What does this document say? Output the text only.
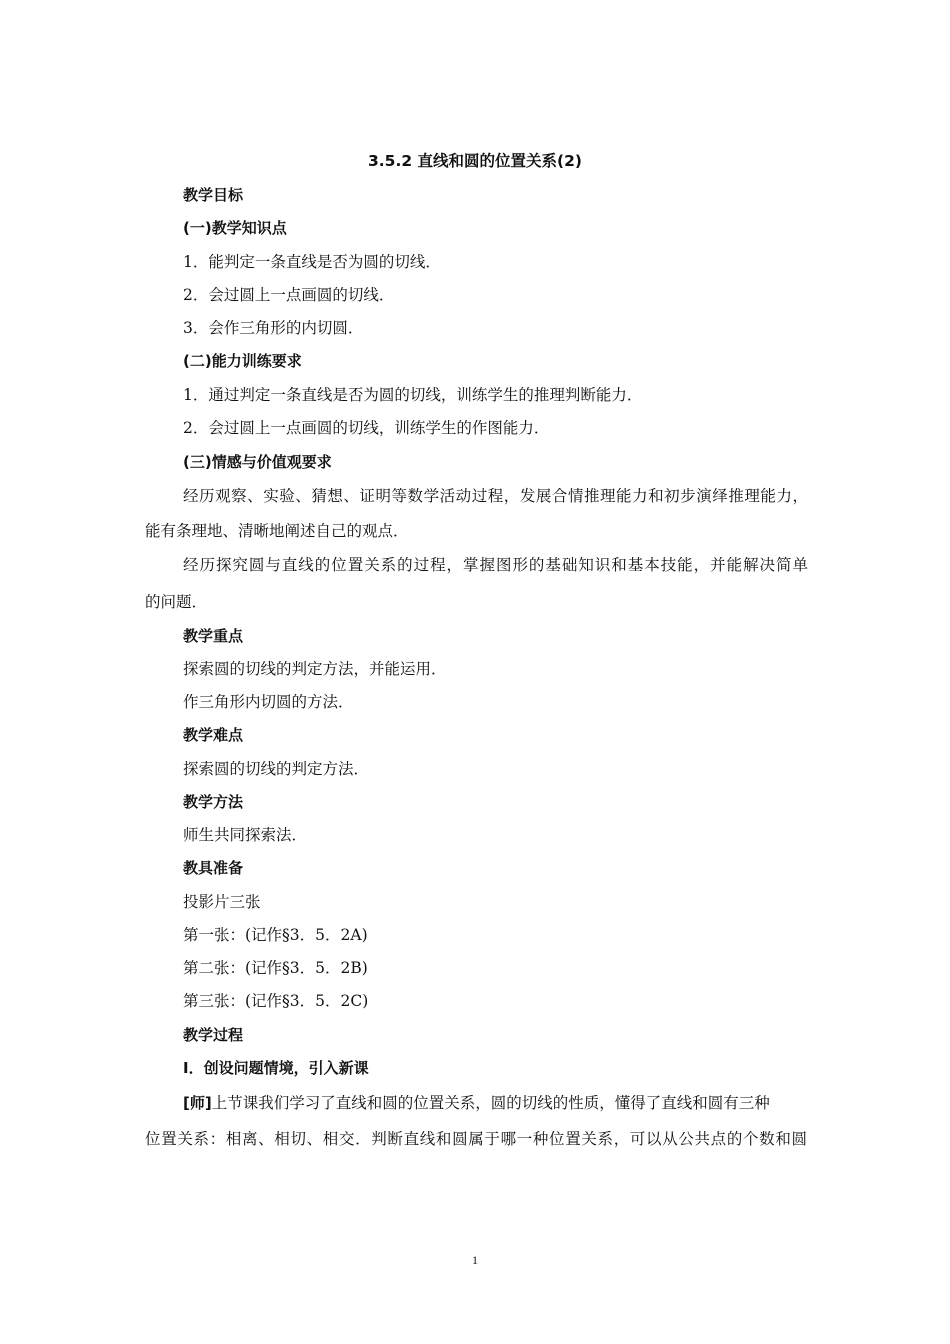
3.5.2 直线和圆的位置关系(2)
教学目标
(一)教学知识点
1．能判定一条直线是否为圆的切线．
2．会过圆上一点画圆的切线．
3．会作三角形的内切圆．
(二)能力训练要求
1．通过判定一条直线是否为圆的切线，训练学生的推理判断能力．
2．会过圆上一点画圆的切线，训练学生的作图能力．
(三)情感与价值观要求
经历观察、实验、猜想、证明等数学活动过程，发展合情推理能力和初步演绎推理能力，
能有条理地、清晰地阐述自己的观点．
经历探究圆与直线的位置关系的过程，掌握图形的基础知识和基本技能，并能解决简单
的问题．
教学重点
探索圆的切线的判定方法，并能运用．
作三角形内切圆的方法．
教学难点
探索圆的切线的判定方法．
教学方法
师生共同探索法．
教具准备
投影片三张
第一张：(记作§3．5．2A)
第二张：(记作§3．5．2B)
第三张：(记作§3．5．2C)
教学过程
Ⅰ．创设问题情境，引入新课
[师]上节课我们学习了直线和圆的位置关系，圆的切线的性质，懂得了直线和圆有三种
位置关系：相离、相切、相交．判断直线和圆属于哪一种位置关系，可以从公共点的个数和圆
1
